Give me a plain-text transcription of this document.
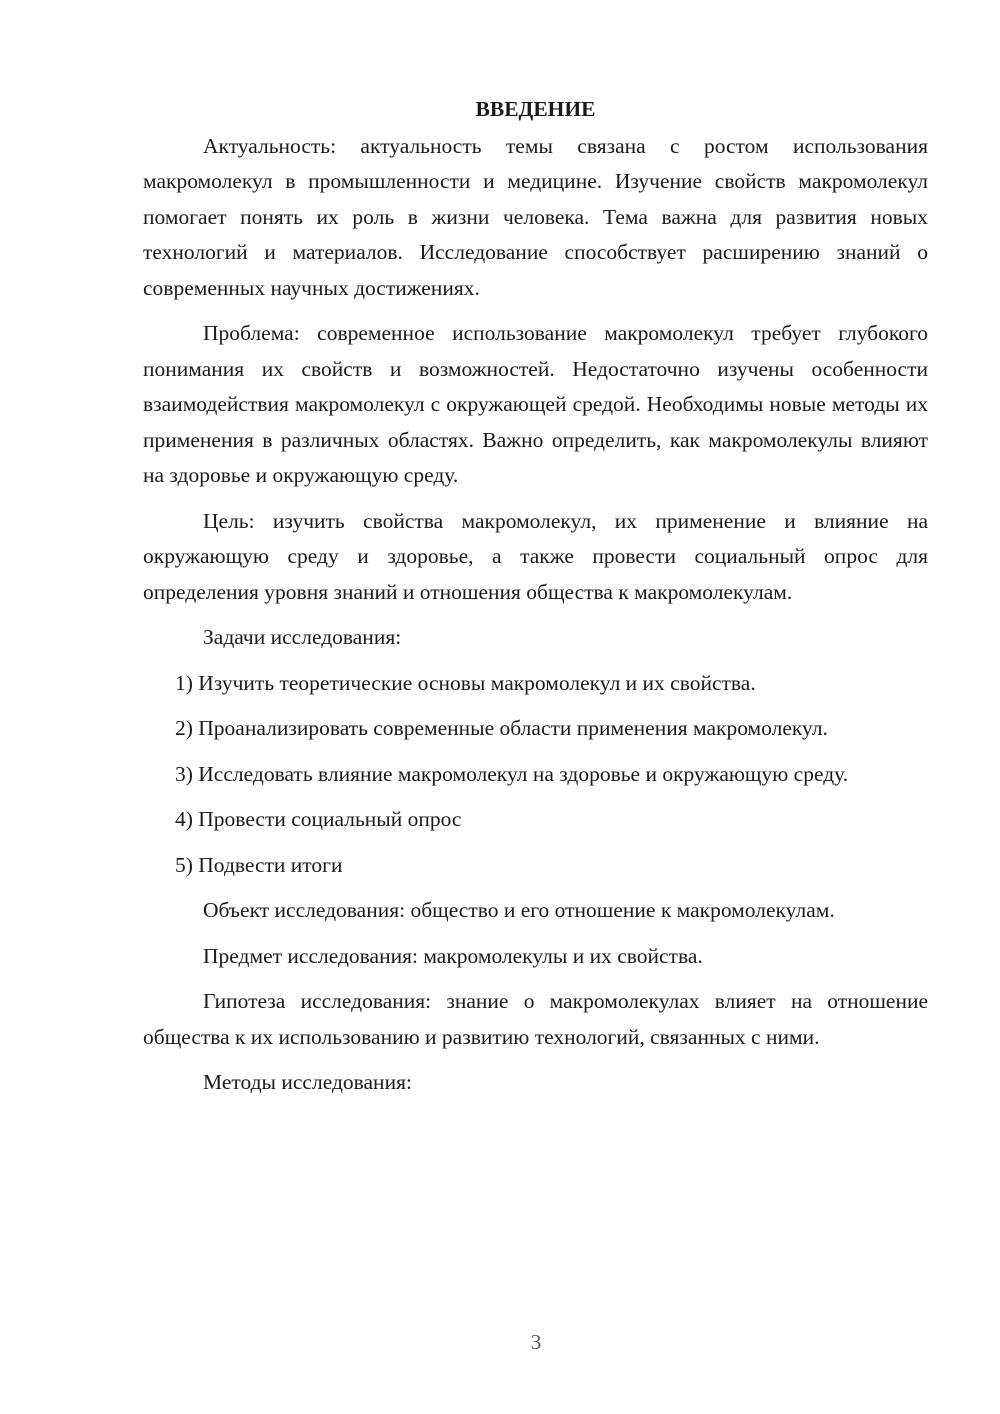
ВВЕДЕНИЕ

Актуальность: актуальность темы связана с ростом использования макромолекул в промышленности и медицине. Изучение свойств макромолекул помогает понять их роль в жизни человека. Тема важна для развития новых технологий и материалов. Исследование способствует расширению знаний о современных научных достижениях.

Проблема: современное использование макромолекул требует глубокого понимания их свойств и возможностей. Недостаточно изучены особенности взаимодействия макромолекул с окружающей средой. Необходимы новые методы их применения в различных областях. Важно определить, как макромолекулы влияют на здоровье и окружающую среду.

Цель: изучить свойства макромолекул, их применение и влияние на окружающую среду и здоровье, а также провести социальный опрос для определения уровня знаний и отношения общества к макромолекулам.

Задачи исследования:

1) Изучить теоретические основы макромолекул и их свойства.

2) Проанализировать современные области применения макромолекул.

3) Исследовать влияние макромолекул на здоровье и окружающую среду.

4) Провести социальный опрос

5) Подвести итоги

Объект исследования: общество и его отношение к макромолекулам.

Предмет исследования: макромолекулы и их свойства.

Гипотеза исследования: знание о макромолекулах влияет на отношение общества к их использованию и развитию технологий, связанных с ними.

Методы исследования:

3
